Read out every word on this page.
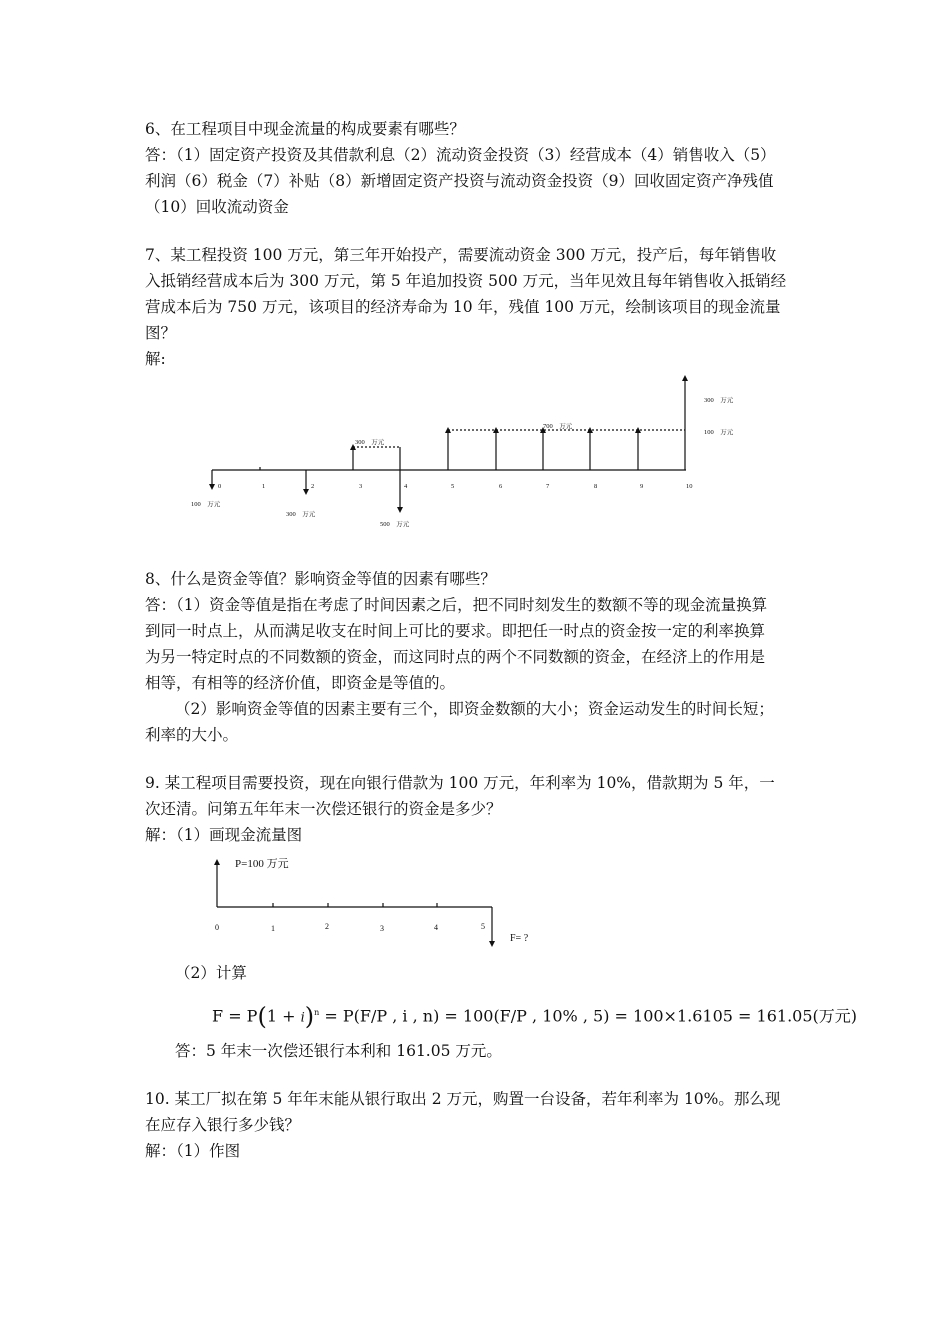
6、在工程项目中现金流量的构成要素有哪些？

答：（1）固定资产投资及其借款利息（2）流动资金投资（3）经营成本（4）销售收入（5）

利润（6）税金（7）补贴（8）新增固定资产投资与流动资金投资（9）回收固定资产净残值

（10）回收流动资金

7、某工程投资 100 万元，第三年开始投产，需要流动资金 300 万元，投产后，每年销售收

入抵销经营成本后为 300 万元，第 5 年追加投资 500 万元，当年见效且每年销售收入抵销经

营成本后为 750 万元，该项目的经济寿命为 10 年，残值 100 万元，绘制该项目的现金流量

图？

解:

0	1	2	3	4	5	6	7	8	9	10
100　万元
300　万元
500　万元
300　万元
700　万元
300　万元
100　万元

8、什么是资金等值？影响资金等值的因素有哪些？

答：（1）资金等值是指在考虑了时间因素之后，把不同时刻发生的数额不等的现金流量换算

到同一时点上，从而满足收支在时间上可比的要求。即把任一时点的资金按一定的利率换算

为另一特定时点的不同数额的资金，而这同时点的两个不同数额的资金，在经济上的作用是

相等，有相等的经济价值，即资金是等值的。

（2）影响资金等值的因素主要有三个，即资金数额的大小；资金运动发生的时间长短；

利率的大小。

9. 某工程项目需要投资，现在向银行借款为 100 万元，年利率为 10%，借款期为 5 年，一

次还清。问第五年年末一次偿还银行的资金是多少？

解：（1）画现金流量图

P=100 万元
F= ?
0	1	2	3	4	5

（2）计算

$F = P(1 + i)^n = P(F/P$ , i , n) = 100(F/P , 10% , 5) = 100×1.6105 = 161.05(万元)

答：5 年末一次偿还银行本利和 161.05 万元。

10. 某工厂拟在第 5 年年末能从银行取出 2 万元，购置一台设备，若年利率为 10%。那么现

在应存入银行多少钱？

解：（1）作图
